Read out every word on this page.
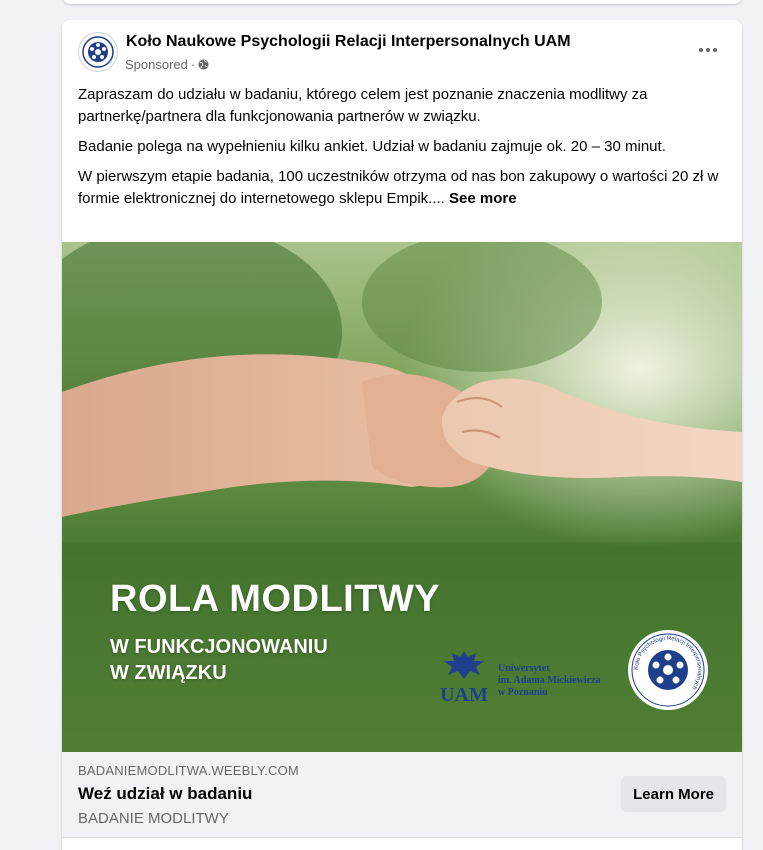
Koło Naukowe Psychologii Relacji Interpersonalnych UAM
Sponsored ·

Zapraszam do udziału w badaniu, którego celem jest poznanie znaczenia modlitwy za partnerkę/partnera dla funkcjonowania partnerów w związku.

Badanie polega na wypełnieniu kilku ankiet. Udział w badaniu zajmuje ok. 20 – 30 minut.

W pierwszym etapie badania, 100 uczestników otrzyma od nas bon zakupowy o wartości 20 zł w formie elektronicznej do internetowego sklepu Empik.... See more

ROLA MODLITWY
W FUNKCJONOWANIU
W ZWIĄZKU
UAM
Uniwersytet
im. Adama Mickiewicza
w Poznaniu
Koło Psychologii Relacji Interpersonalnych
BADANIEMODLITWA.WEEBLY.COM
Weź udział w badaniu
BADANIE MODLITWY
Learn More
